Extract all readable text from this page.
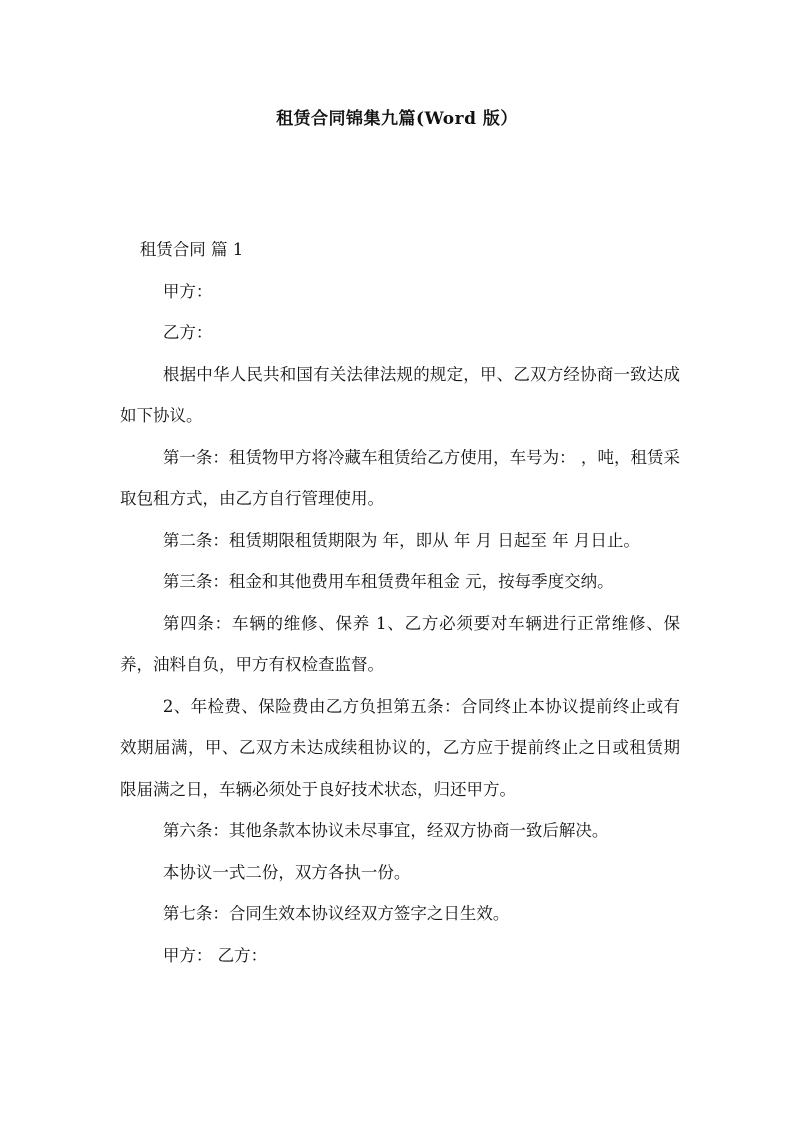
租赁合同锦集九篇(Word 版）

租赁合同 篇 1

甲方：

乙方：

根据中华人民共和国有关法律法规的规定，甲、乙双方经协商一致达成如下协议。

第一条：租赁物甲方将冷藏车租赁给乙方使用，车号为： ，吨，租赁采取包租方式，由乙方自行管理使用。

第二条：租赁期限租赁期限为 年，即从 年 月 日起至 年 月日止。

第三条：租金和其他费用车租赁费年租金 元，按每季度交纳。

第四条：车辆的维修、保养 1、乙方必须要对车辆进行正常维修、保养，油料自负，甲方有权检查监督。

2、年检费、保险费由乙方负担第五条：合同终止本协议提前终止或有效期届满，甲、乙双方未达成续租协议的，乙方应于提前终止之日或租赁期限届满之日，车辆必须处于良好技术状态，归还甲方。

第六条：其他条款本协议未尽事宜，经双方协商一致后解决。

本协议一式二份，双方各执一份。

第七条：合同生效本协议经双方签字之日生效。

甲方： 乙方：
